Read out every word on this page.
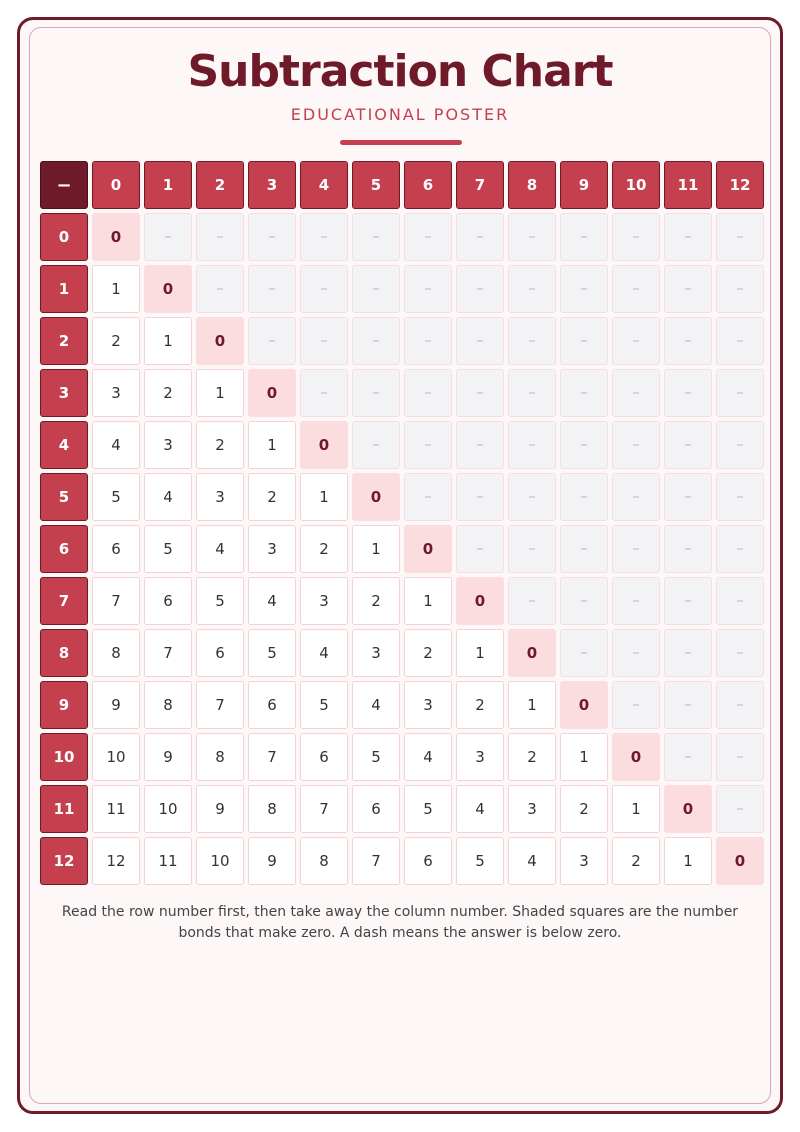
Subtraction Chart
EDUCATIONAL POSTER
−	0	1	2	3	4	5	6	7	8	9	10	11	12
0	0	–	–	–	–	–	–	–	–	–	–	–	–
1	1	0	–	–	–	–	–	–	–	–	–	–	–
2	2	1	0	–	–	–	–	–	–	–	–	–	–
3	3	2	1	0	–	–	–	–	–	–	–	–	–
4	4	3	2	1	0	–	–	–	–	–	–	–	–
5	5	4	3	2	1	0	–	–	–	–	–	–	–
6	6	5	4	3	2	1	0	–	–	–	–	–	–
7	7	6	5	4	3	2	1	0	–	–	–	–	–
8	8	7	6	5	4	3	2	1	0	–	–	–	–
9	9	8	7	6	5	4	3	2	1	0	–	–	–
10	10	9	8	7	6	5	4	3	2	1	0	–	–
11	11	10	9	8	7	6	5	4	3	2	1	0	–
12	12	11	10	9	8	7	6	5	4	3	2	1	0
Read the row number first, then take away the column number. Shaded squares are the number bonds that make zero. A dash means the answer is below zero.
